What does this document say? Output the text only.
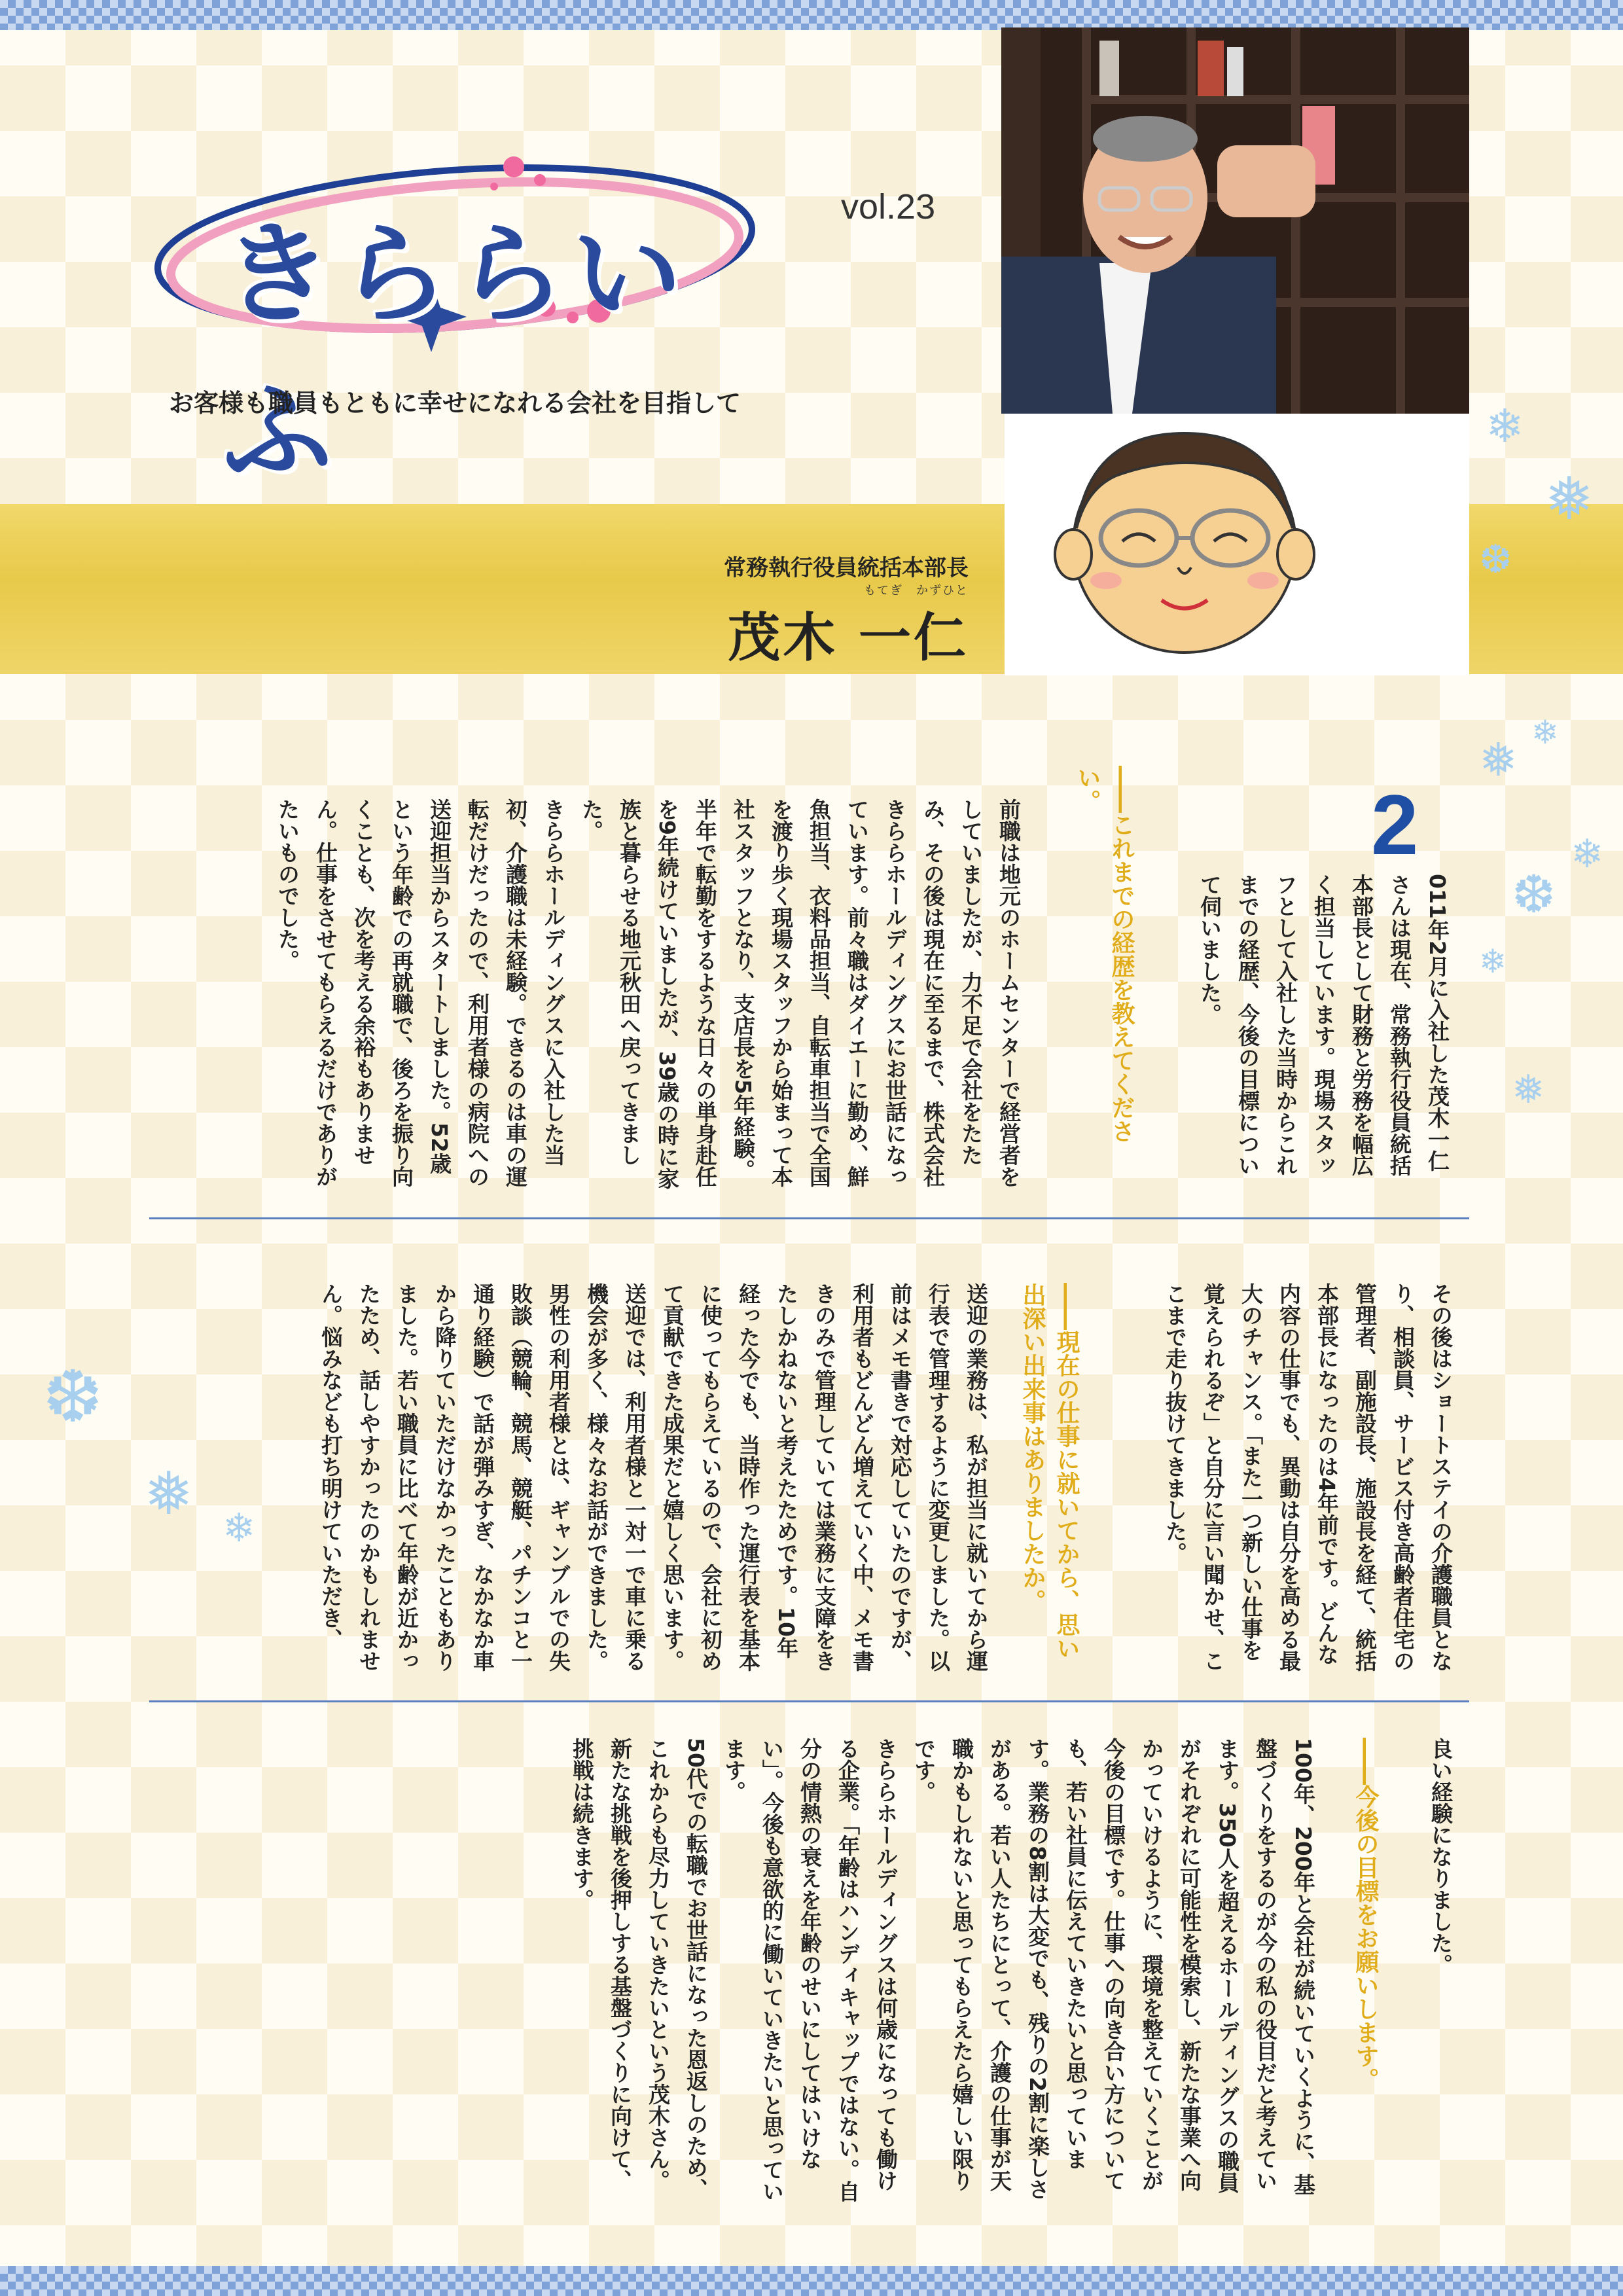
きららいふ
vol.23
お客様も職員もともに幸せになれる会社を目指して
常務執行役員統括本部長
もてぎ　かずひと
茂木 一仁
2
011年2月に入社した茂木一仁さんは現在、常務執行役員統括本部長として財務と労務を幅広く担当しています。現場スタッフとして入社した当時からこれまでの経歴、今後の目標について伺いました。
――これまでの経歴を教えてください。

前職は地元のホームセンターで経営者をしていましたが、力不足で会社をたたみ、その後は現在に至るまで、株式会社きららホールディングスにお世話になっています。前々職はダイエーに勤め、鮮魚担当、衣料品担当、自転車担当で全国を渡り歩く現場スタッフから始まって本社スタッフとなり、支店長を5年経験。半年で転勤をするような日々の単身赴任を9年続けていましたが、39歳の時に家族と暮らせる地元秋田へ戻ってきました。

きららホールディングスに入社した当初、介護職は未経験。できるのは車の運転だけだったので、利用者様の病院への送迎担当からスタートしました。52歳という年齢での再就職で、後ろを振り向くことも、次を考える余裕もありません。仕事をさせてもらえるだけでありがたいものでした。

その後はショートステイの介護職員となり、相談員、サービス付き高齢者住宅の管理者、副施設長、施設長を経て、統括本部長になったのは4年前です。どんな内容の仕事でも、異動は自分を高める最大のチャンス。「また一つ新しい仕事を覚えられるぞ」と自分に言い聞かせ、ここまで走り抜けてきました。
――現在の仕事に就いてから、思い出深い出来事はありましたか。

送迎の業務は、私が担当に就いてから運行表で管理するように変更しました。以前はメモ書きで対応していたのですが、利用者もどんどん増えていく中、メモ書きのみで管理していては業務に支障をきたしかねないと考えたためです。10年経った今でも、当時作った運行表を基本に使ってもらえているので、会社に初めて貢献できた成果だと嬉しく思います。

送迎では、利用者様と一対一で車に乗る機会が多く、様々なお話ができました。男性の利用者様とは、ギャンブルでの失敗談（競輪、競馬、競艇、パチンコと一通り経験）で話が弾みすぎ、なかなか車から降りていただけなかったこともありました。若い職員に比べて年齢が近かったため、話しやすかったのかもしれません。悩みなども打ち明けていただき、

良い経験になりました。
――今後の目標をお願いします。

100年、200年と会社が続いていくように、基盤づくりをするのが今の私の役目だと考えています。350人を超えるホールディングスの職員がそれぞれに可能性を模索し、新たな事業へ向かっていけるように、環境を整えていくことが今後の目標です。仕事への向き合い方についても、若い社員に伝えていきたいと思っています。業務の8割は大変でも、残りの2割に楽しさがある。若い人たちにとって、介護の仕事が天職かもしれないと思ってもらえたら嬉しい限りです。

きららホールディングスは何歳になっても働ける企業。「年齢はハンディキャップではない。自分の情熱の衰えを年齢のせいにしてはいけない」。今後も意欲的に働いていきたいと思っています。

50代での転職でお世話になった恩返しのため、これからも尽力していきたいという茂木さん。新たな挑戦を後押しする基盤づくりに向けて、挑戦は続きます。

❄
❅
❆
❄
❅
❄
❆
❄
❅
❆
❅ ❄
